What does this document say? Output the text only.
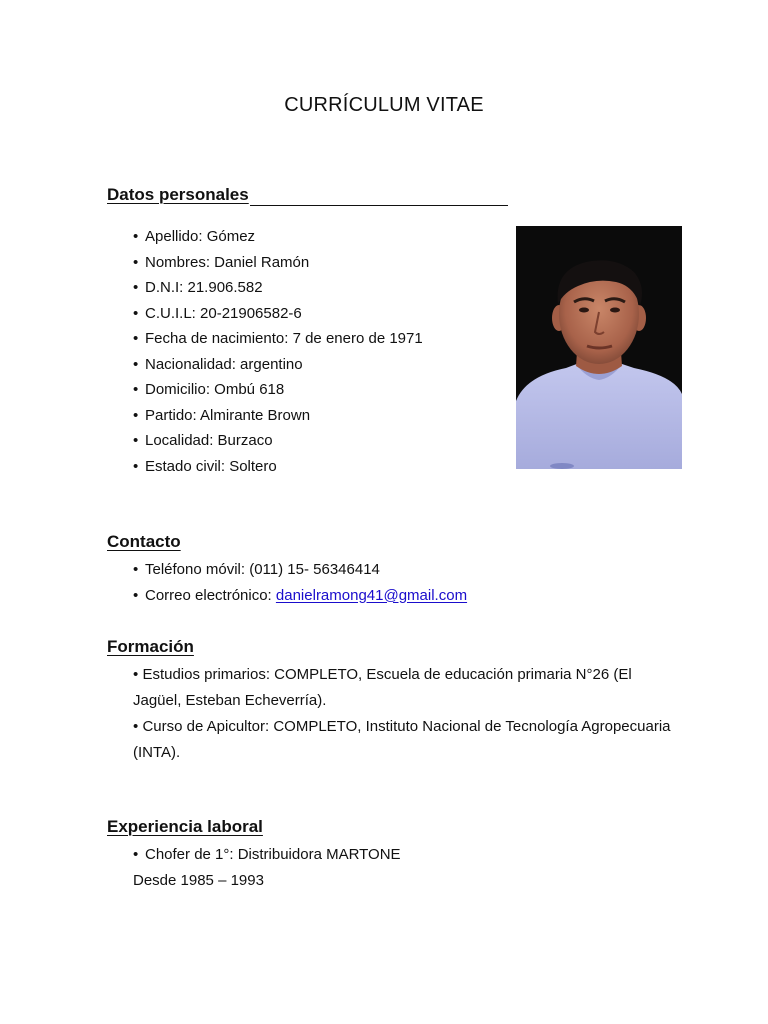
CURRÍCULUM VITAE
Datos personales
• Apellido: Gómez
• Nombres: Daniel Ramón
• D.N.I: 21.906.582
• C.U.I.L: 20-21906582-6
• Fecha de nacimiento: 7 de enero de 1971
• Nacionalidad: argentino
• Domicilio: Ombú 618
• Partido: Almirante Brown
• Localidad: Burzaco
• Estado civil: Soltero
Contacto
• Teléfono móvil: (011) 15- 56346414
• Correo electrónico: danielramong41@gmail.com
Formación

• Estudios primarios: COMPLETO, Escuela de educación primaria N°26 (El Jagüel, Esteban Echeverría).

• Curso de Apicultor: COMPLETO, Instituto Nacional de Tecnología Agropecuaria (INTA).

Experiencia laboral
• Chofer de 1°: Distribuidora MARTONE
Desde 1985 – 1993
